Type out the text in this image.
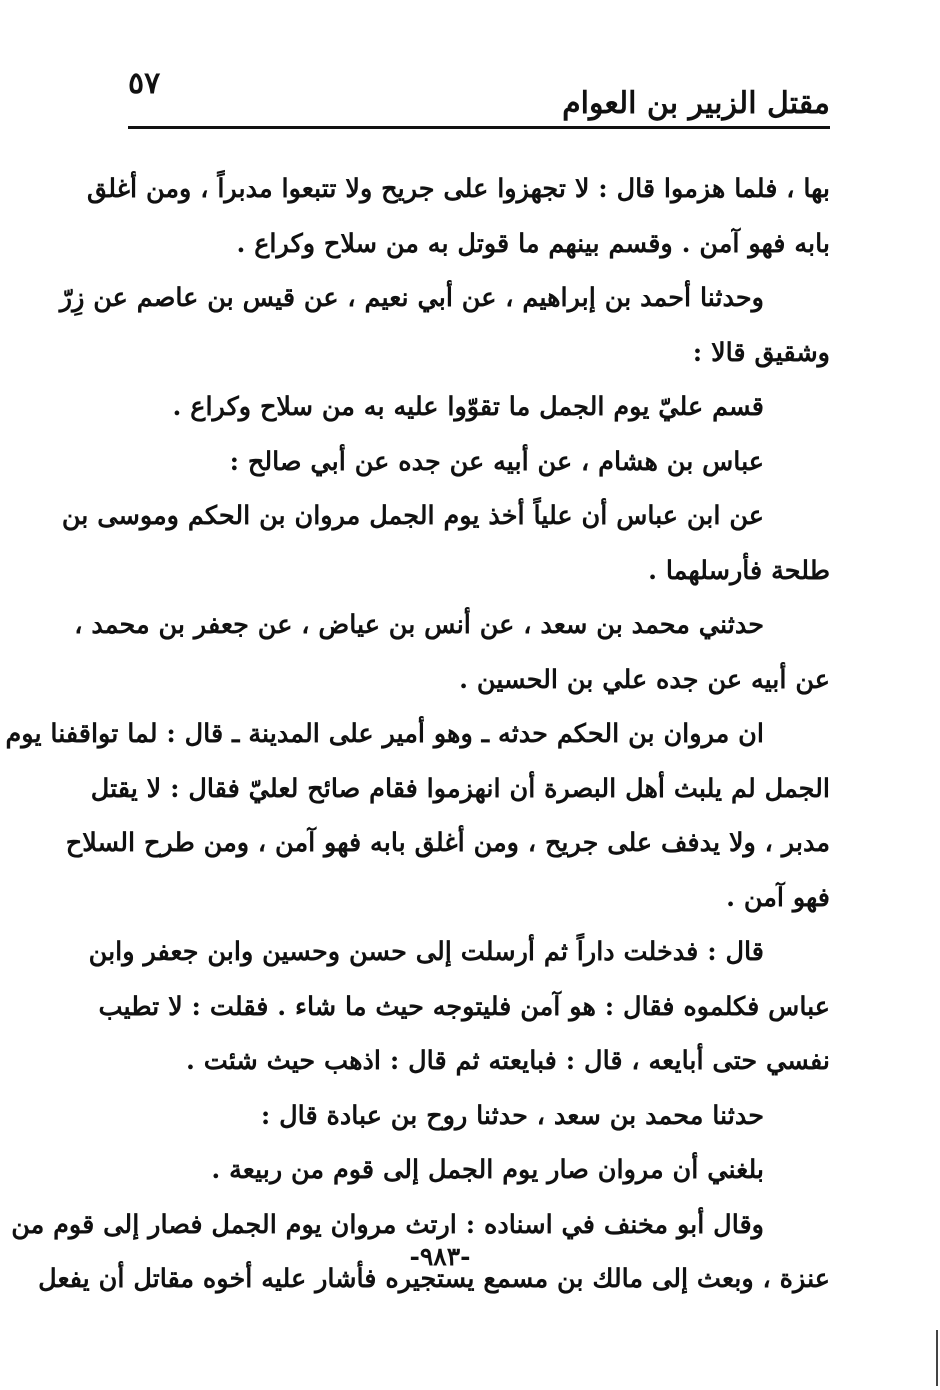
٥٧
مقتل الزبير بن العوام
بها ، فلما هزموا قال : لا تجهزوا على جريح ولا تتبعوا مدبراً ، ومن أغلق
بابه فهو آمن . وقسم بينهم ما قوتل به من سلاح وكراع .
وحدثنا أحمد بن إبراهيم ، عن أبي نعيم ، عن قيس بن عاصم عن زِرّ
وشقيق قالا :
قسم عليّ يوم الجمل ما تقوّوا عليه به من سلاح وكراع .
عباس بن هشام ، عن أبيه عن جده عن أبي صالح :
عن ابن عباس أن علياً أخذ يوم الجمل مروان بن الحكم وموسى بن
طلحة فأرسلهما .
حدثني محمد بن سعد ، عن أنس بن عياض ، عن جعفر بن محمد ،
عن أبيه عن جده علي بن الحسين .
ان مروان بن الحكم حدثه ـ وهو أمير على المدينة ـ قال : لما تواقفنا يوم
الجمل لم يلبث أهل البصرة أن انهزموا فقام صائح لعليّ فقال : لا يقتل
مدبر ، ولا يدفف على جريح ، ومن أغلق بابه فهو آمن ، ومن طرح السلاح
فهو آمن .
قال : فدخلت داراً ثم أرسلت إلى حسن وحسين وابن جعفر وابن
عباس فكلموه فقال : هو آمن فليتوجه حيث ما شاء . فقلت : لا تطيب
نفسي حتى أبايعه ، قال : فبايعته ثم قال : اذهب حيث شئت .
حدثنا محمد بن سعد ، حدثنا روح بن عبادة قال :
بلغني أن مروان صار يوم الجمل إلى قوم من ربيعة .
وقال أبو مخنف في اسناده : ارتث مروان يوم الجمل فصار إلى قوم من
عنزة ، وبعث إلى مالك بن مسمع يستجيره فأشار عليه أخوه مقاتل أن يفعل
-٩٨٣-
